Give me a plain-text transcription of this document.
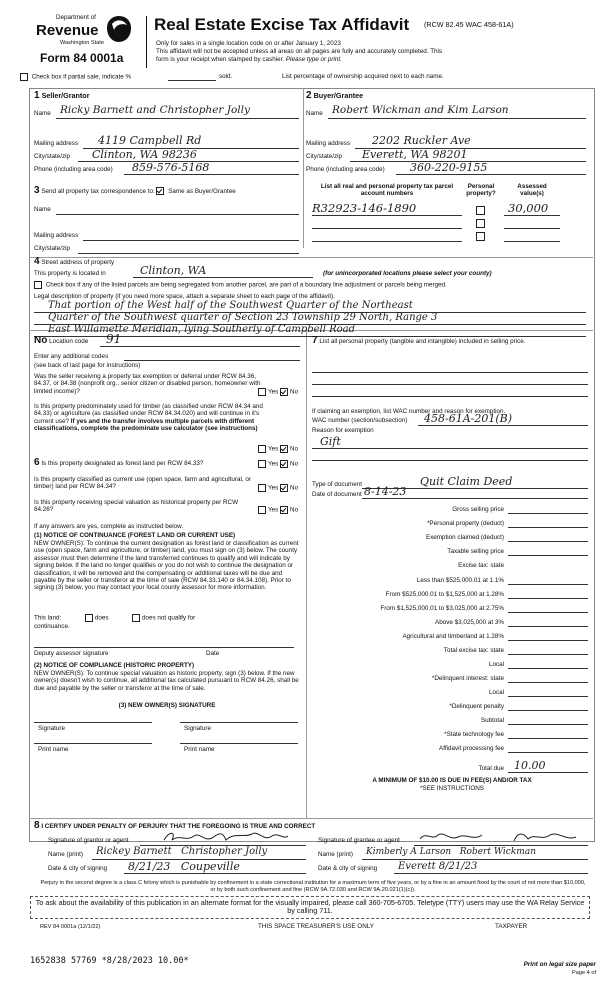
Department of
Revenue
Washington State
Form 84 0001a
Real Estate Excise Tax Affidavit (RCW 82.45 WAC 458-61A)
Only for sales in a single location code on or after January 1, 2023
This affidavit will not be accepted unless all areas on all pages are fully and accurately completed. This
form is your receipt when stamped by cashier. Please type or print.
Check box if partial sale, indicate %	sold.	List percentage of ownership acquired next to each name.
1 Seller/Grantor
Name Ricky Barnett and Christopher Jolly
Mailing address 4119 Campbell Rd
City/state/zip Clinton, WA 98236
Phone (including area code) 859-576-5168
2 Buyer/Grantee
Name Robert Wickman and Kim Larson
Mailing address 2202 Ruckler Ave
City/state/zip Everett, WA 98201
Phone (including area code) 360-220-9155
3 Send all property tax correspondence to: Same as Buyer/Grantee
Name
Mailing address
City/state/zip
List all real and personal property tax parcel account numbers
Personal property?
Assessed value(s)
R32923-146-1890	30,000
4 Street address of property
This property is located in	Clinton, WA	(for unincorporated locations please select your county)
Check box if any of the listed parcels are being segregated from another parcel, are part of a boundary line adjustment or parcels being merged.
Legal description of property (if you need more space, attach a separate sheet to each page of the affidavit).
That portion of the West half of the Southwest Quarter of the Northeast
Quarter of the Southwest quarter of Section 23 Township 29 North, Range 3
East Willamette Meridian, lying Southerly of Campbell Road
No Location code 91
Enter any additional codes
(see back of last page for instructions)
Was the seller receiving a property tax exemption or deferral under RCW 84.36, 84.37, or 84.38 (nonprofit org., senior citizen or disabled person, homeowner with limited income)?	Yes No
Is this property predominately used for timber (as classified under RCW 84.34 and 84.33) or agriculture (as classified under RCW 84.34.020) and will continue in it's current use? If yes and the transfer involves multiple parcels with different classifications, complete the predominate use calculator (see instructions)
Yes No
6 Is this property designated as forest land per RCW 84.33?	Yes No
Is this property classified as current use (open space, farm and agricultural, or timber) land per RCW 84.34?	Yes No
Is this property receiving special valuation as historical property per RCW 84.26?	Yes No
If any answers are yes, complete as instructed below.
(1) NOTICE OF CONTINUANCE (FOREST LAND OR CURRENT USE)
NEW OWNER(S): To continue the current designation as forest land or classification as current use (open space, farm and agriculture, or timber) land, you must sign on (3) below. The county assessor must then determine if the land transferred continues to qualify and will indicate by signing below. If the land no longer qualifies or you do not wish to continue the designation or classification, it will be removed and the compensating or additional taxes will be due and payable by the seller or transferor at the time of sale (RCW 84.33.140 or 84.34.108). Prior to signing (3) below, you may contact your local county assessor for more information.
This land:	does	does not qualify for
continuance.
Deputy assessor signature	Date
(2) NOTICE OF COMPLIANCE (HISTORIC PROPERTY)
NEW OWNER(S): To continue special valuation as historic property, sign (3) below. If the new owner(s) doesn't wish to continue, all additional tax calculated pursuant to RCW 84.26, shall be due and payable by the seller or transferor at the time of sale.
(3) NEW OWNER(S) SIGNATURE
Signature	Signature
Print name	Print name
7 List all personal property (tangible and intangible) included in selling price.
If claiming an exemption, list WAC number and reason for exemption.
WAC number (section/subsection) 458-61A-201(B)
Reason for exemption
Gift
Type of document	Quit Claim Deed
Date of document 8-14-23
Gross selling price
*Personal property (deduct)
Exemption claimed (deduct)
Taxable selling price
Excise tax: state
Less than $525,000.01 at 1.1%
From $525,000.01 to $1,525,000 at 1.28%
From $1,525,000.01 to $3,025,000 at 2.75%
Above $3,025,000 at 3%
Agricultural and timberland at 1.28%
Total excise tax: state
Local
*Delinquent interest: state
Local
*Delinquent penalty
Subtotal
*State technology fee
Affidavit processing fee
Total due 10.00
A MINIMUM OF $10.00 IS DUE IN FEE(S) AND/OR TAX
*SEE INSTRUCTIONS
8 I CERTIFY UNDER PENALTY OF PERJURY THAT THE FOREGOING IS TRUE AND CORRECT
Signature of grantor or agent
Name (print) Rickey Barnett   Christopher Jolly
Date & city of signing 8/21/23   Coupeville
Signature of grantee or agent
Name (print) Kimberly A Larson   Robert Wickman
Date & city of signing Everett 8/21/23
Perjury in the second degree is a class C felony which is punishable by confinement in a state correctional institution for a maximum term of five years, or by a fine in an amount fixed by the court of not more than $10,000, or by both such confinement and fine (RCW 9A.72.030 and RCW 9A.20.021(1)(c)).
To ask about the availability of this publication in an alternate format for the visually impaired, please call 360-705-6705. Teletype (TTY) users may use the WA Relay Service by calling 711.
REV 84 0001a (12/1/22)	THIS SPACE TREASURER'S USE ONLY	TAXPAYER
1652838 57769 *8/28/2023 10.00*	Print on legal size paper
Page 4 of
